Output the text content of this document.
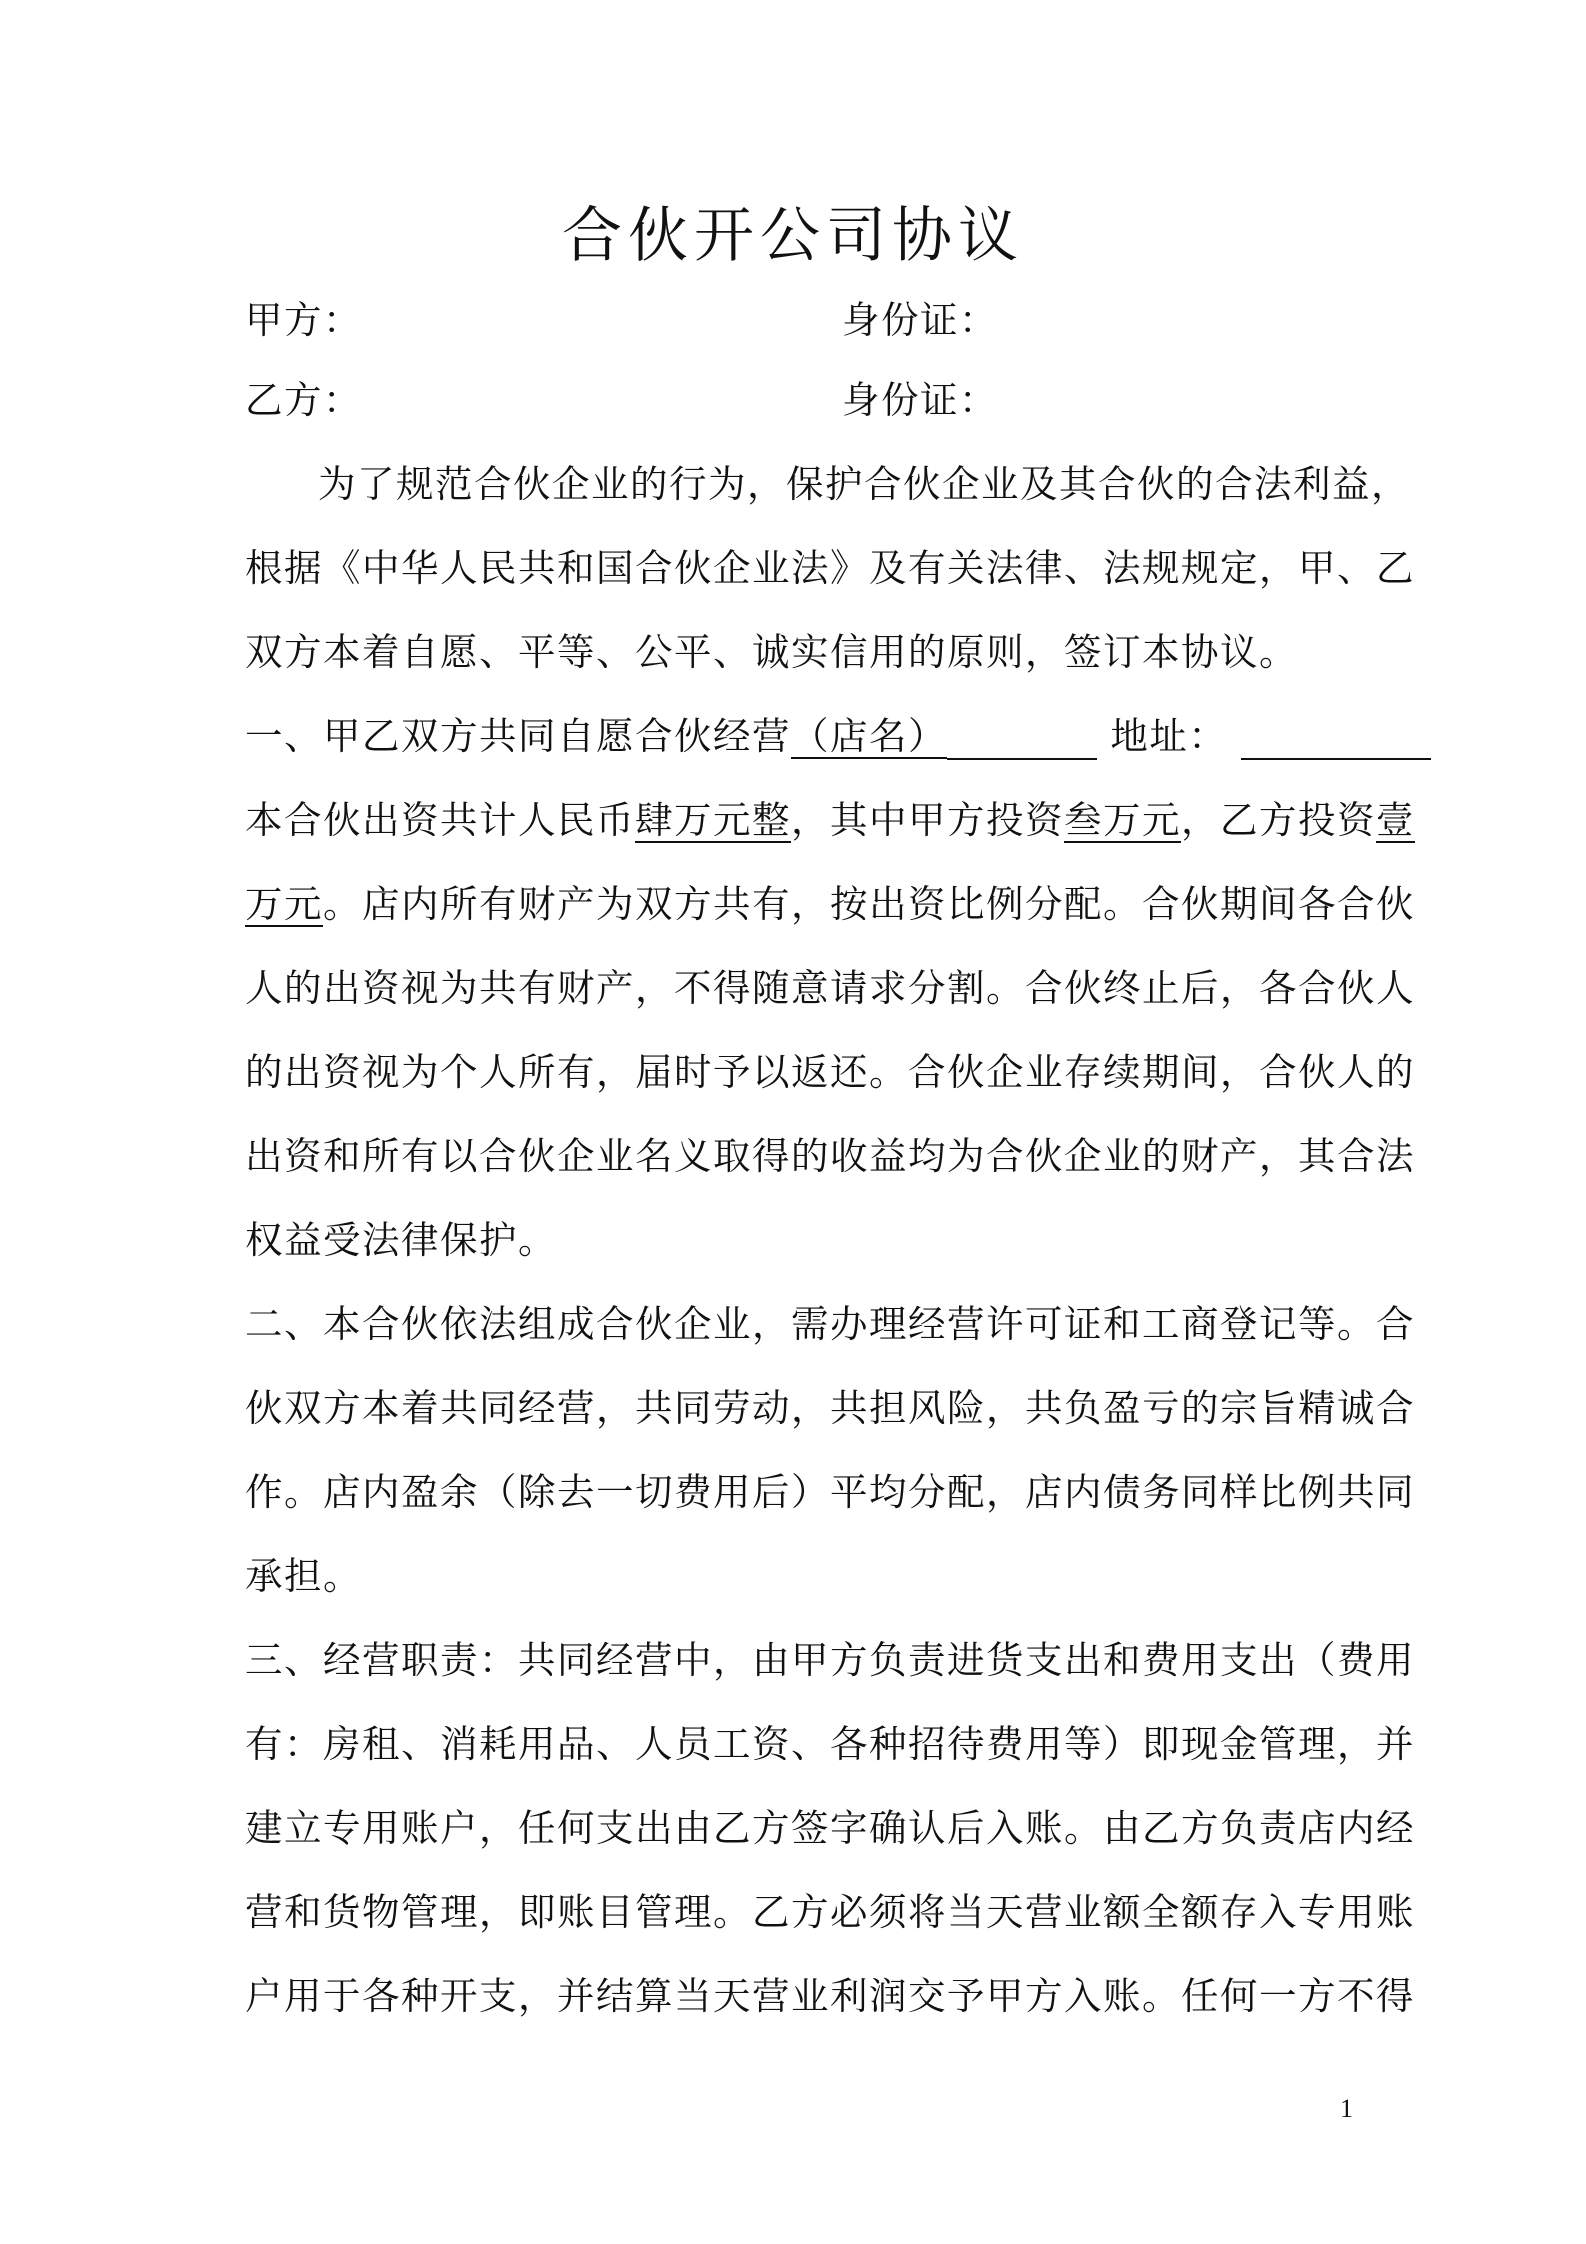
合伙开公司协议
甲方：	身份证：
乙方：	身份证：
为了规范合伙企业的行为，保护合伙企业及其合伙的合法利益，
根据《中华人民共和国合伙企业法》及有关法律、法规规定，甲、乙
双方本着自愿、平等、公平、诚实信用的原则，签订本协议。
一、甲乙双方共同自愿合伙经营（店名）	地址：
本合伙出资共计人民币肆万元整，其中甲方投资叁万元，乙方投资壹
万元。店内所有财产为双方共有，按出资比例分配。合伙期间各合伙
人的出资视为共有财产，不得随意请求分割。合伙终止后，各合伙人
的出资视为个人所有，届时予以返还。合伙企业存续期间，合伙人的
出资和所有以合伙企业名义取得的收益均为合伙企业的财产，其合法
权益受法律保护。
二、本合伙依法组成合伙企业，需办理经营许可证和工商登记等。合
伙双方本着共同经营，共同劳动，共担风险，共负盈亏的宗旨精诚合
作。店内盈余（除去一切费用后）平均分配，店内债务同样比例共同
承担。
三、经营职责：共同经营中，由甲方负责进货支出和费用支出（费用
有：房租、消耗用品、人员工资、各种招待费用等）即现金管理，并
建立专用账户，任何支出由乙方签字确认后入账。由乙方负责店内经
营和货物管理，即账目管理。乙方必须将当天营业额全额存入专用账
户用于各种开支，并结算当天营业利润交予甲方入账。任何一方不得
1
